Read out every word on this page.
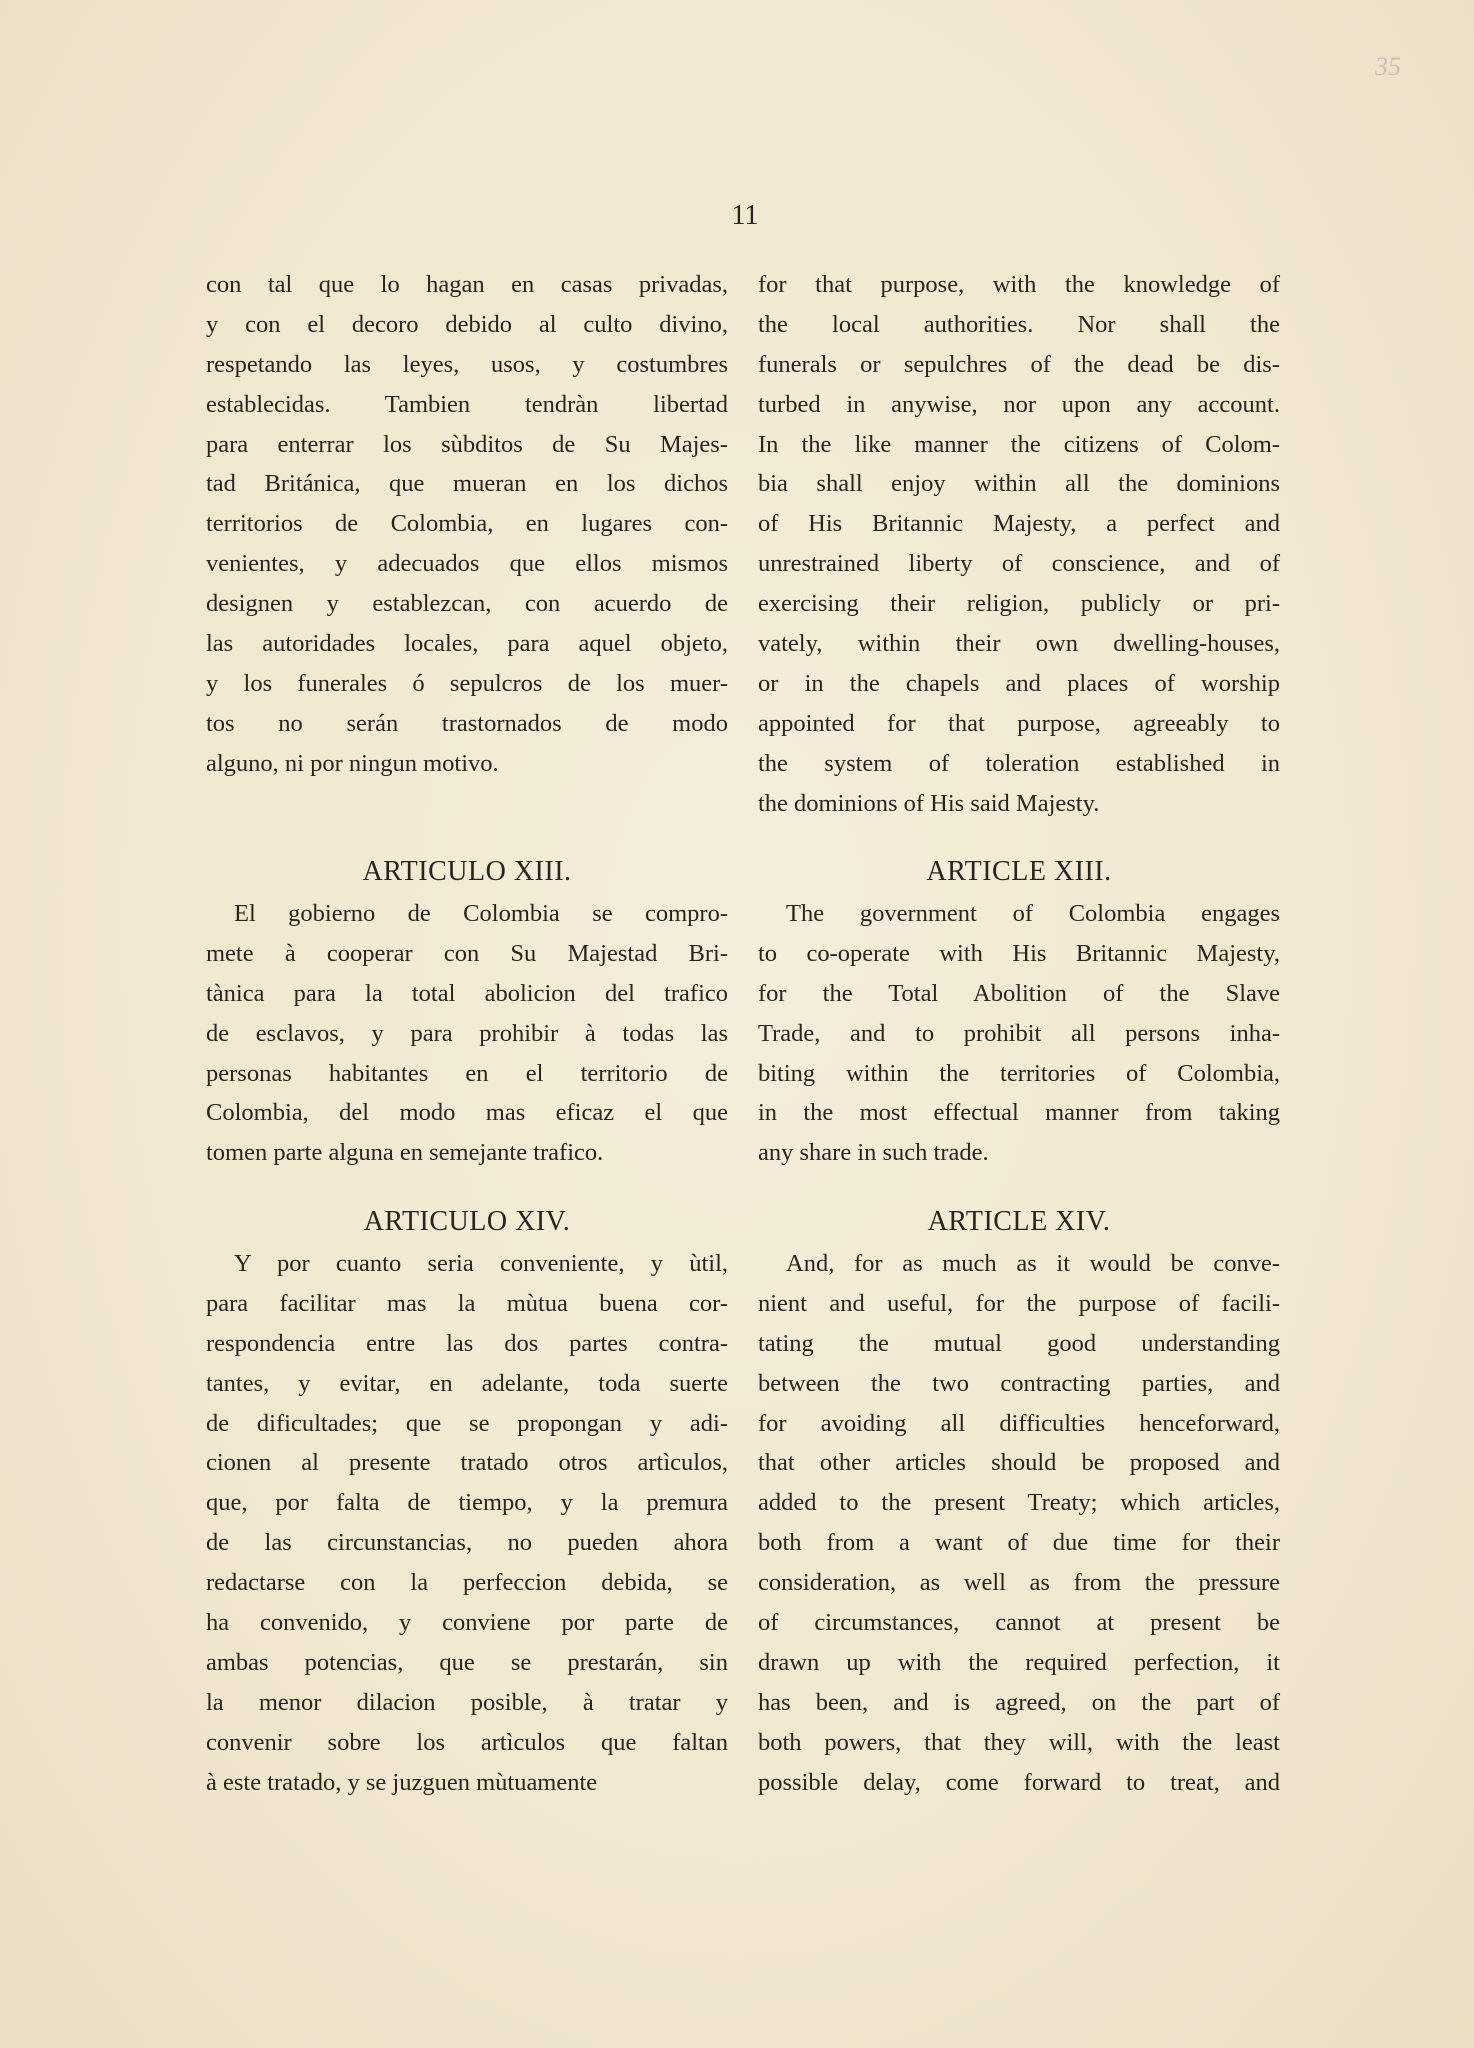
35
11
con tal que lo hagan en casas privadas,
y con el decoro debido al culto divino,
respetando las leyes, usos, y costumbres
establecidas. Tambien tendràn libertad
para enterrar los sùbditos de Su Majes-
tad Británica, que mueran en los dichos
territorios de Colombia, en lugares con-
venientes, y adecuados que ellos mismos
designen y establezcan, con acuerdo de
las autoridades locales, para aquel objeto,
y los funerales ó sepulcros de los muer-
tos no serán trastornados de modo
alguno, ni por ningun motivo.
ARTICULO XIII.
El gobierno de Colombia se compro-
mete à cooperar con Su Majestad Bri-
tànica para la total abolicion del trafico
de esclavos, y para prohibir à todas las
personas habitantes en el territorio de
Colombia, del modo mas eficaz el que
tomen parte alguna en semejante trafico.
ARTICULO XIV.
Y por cuanto seria conveniente, y ùtil,
para facilitar mas la mùtua buena cor-
respondencia entre las dos partes contra-
tantes, y evitar, en adelante, toda suerte
de dificultades; que se propongan y adi-
cionen al presente tratado otros artìculos,
que, por falta de tiempo, y la premura
de las circunstancias, no pueden ahora
redactarse con la perfeccion debida, se
ha convenido, y conviene por parte de
ambas potencias, que se prestarán, sin
la menor dilacion posible, à tratar y
convenir sobre los artìculos que faltan
à este tratado, y se juzguen mùtuamente
for that purpose, with the knowledge of
the local authorities. Nor shall the
funerals or sepulchres of the dead be dis-
turbed in anywise, nor upon any account.
In the like manner the citizens of Colom-
bia shall enjoy within all the dominions
of His Britannic Majesty, a perfect and
unrestrained liberty of conscience, and of
exercising their religion, publicly or pri-
vately, within their own dwelling-houses,
or in the chapels and places of worship
appointed for that purpose, agreeably to
the system of toleration established in
the dominions of His said Majesty.
ARTICLE XIII.
The government of Colombia engages
to co-operate with His Britannic Majesty,
for the Total Abolition of the Slave
Trade, and to prohibit all persons inha-
biting within the territories of Colombia,
in the most effectual manner from taking
any share in such trade.
ARTICLE XIV.
And, for as much as it would be conve-
nient and useful, for the purpose of facili-
tating the mutual good understanding
between the two contracting parties, and
for avoiding all difficulties henceforward,
that other articles should be proposed and
added to the present Treaty; which articles,
both from a want of due time for their
consideration, as well as from the pressure
of circumstances, cannot at present be
drawn up with the required perfection, it
has been, and is agreed, on the part of
both powers, that they will, with the least
possible delay, come forward to treat, and
